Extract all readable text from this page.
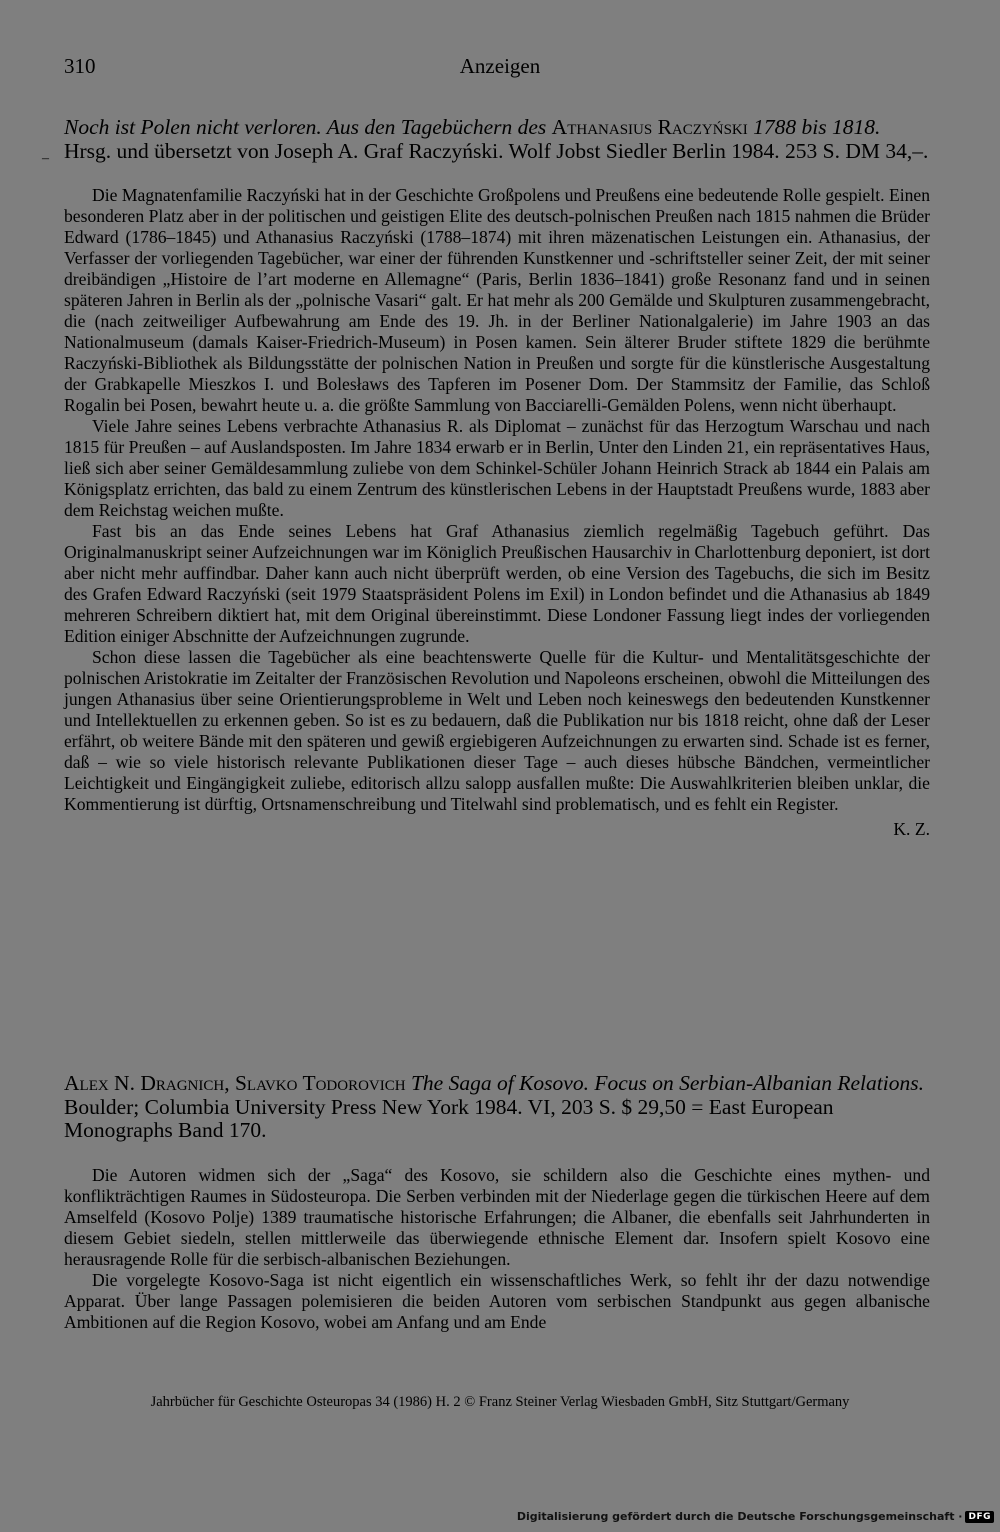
310	Anzeigen
–

Noch ist Polen nicht verloren. Aus den Tagebüchern des Athanasius Raczyński 1788 bis 1818. Hrsg. und übersetzt von Joseph A. Graf Raczyński. Wolf Jobst Siedler Berlin 1984. 253 S. DM 34,–.

Die Magnatenfamilie Raczyński hat in der Geschichte Großpolens und Preußens eine bedeutende Rolle gespielt. Einen besonderen Platz aber in der politischen und geistigen Elite des deutsch-polnischen Preußen nach 1815 nahmen die Brüder Edward (1786–1845) und Athanasius Raczyński (1788–1874) mit ihren mäzenatischen Leistungen ein. Athanasius, der Verfasser der vorliegenden Tagebücher, war einer der führenden Kunstkenner und -schriftsteller seiner Zeit, der mit seiner dreibändigen „Histoire de l’art moderne en Allemagne“ (Paris, Berlin 1836–1841) große Resonanz fand und in seinen späteren Jahren in Berlin als der „polnische Vasari“ galt. Er hat mehr als 200 Gemälde und Skulpturen zusammengebracht, die (nach zeitweiliger Aufbewahrung am Ende des 19. Jh. in der Berliner Nationalgalerie) im Jahre 1903 an das Nationalmuseum (damals Kaiser-Friedrich-Museum) in Posen kamen. Sein älterer Bruder stiftete 1829 die berühmte Raczyński-Bibliothek als Bildungsstätte der polnischen Nation in Preußen und sorgte für die künstlerische Ausgestaltung der Grabkapelle Mieszkos I. und Bolesławs des Tapferen im Posener Dom. Der Stammsitz der Familie, das Schloß Rogalin bei Posen, bewahrt heute u. a. die größte Sammlung von Bacciarelli-Gemälden Polens, wenn nicht überhaupt.

Viele Jahre seines Lebens verbrachte Athanasius R. als Diplomat – zunächst für das Herzogtum Warschau und nach 1815 für Preußen – auf Auslandsposten. Im Jahre 1834 erwarb er in Berlin, Unter den Linden 21, ein repräsentatives Haus, ließ sich aber seiner Gemäldesammlung zuliebe von dem Schinkel-Schüler Johann Heinrich Strack ab 1844 ein Palais am Königsplatz errichten, das bald zu einem Zentrum des künstlerischen Lebens in der Hauptstadt Preußens wurde, 1883 aber dem Reichstag weichen mußte.

Fast bis an das Ende seines Lebens hat Graf Athanasius ziemlich regelmäßig Tagebuch geführt. Das Originalmanuskript seiner Aufzeichnungen war im Königlich Preußischen Hausarchiv in Charlottenburg deponiert, ist dort aber nicht mehr auffindbar. Daher kann auch nicht überprüft werden, ob eine Version des Tagebuchs, die sich im Besitz des Grafen Edward Raczyński (seit 1979 Staatspräsident Polens im Exil) in London befindet und die Athanasius ab 1849 mehreren Schreibern diktiert hat, mit dem Original übereinstimmt. Diese Londoner Fassung liegt indes der vorliegenden Edition einiger Abschnitte der Aufzeichnungen zugrunde.

Schon diese lassen die Tagebücher als eine beachtenswerte Quelle für die Kultur- und Mentalitätsgeschichte der polnischen Aristokratie im Zeitalter der Französischen Revolution und Napoleons erscheinen, obwohl die Mitteilungen des jungen Athanasius über seine Orientierungsprobleme in Welt und Leben noch keineswegs den bedeutenden Kunstkenner und Intellektuellen zu erkennen geben. So ist es zu bedauern, daß die Publikation nur bis 1818 reicht, ohne daß der Leser erfährt, ob weitere Bände mit den späteren und gewiß ergiebigeren Aufzeichnungen zu erwarten sind. Schade ist es ferner, daß – wie so viele historisch relevante Publikationen dieser Tage – auch dieses hübsche Bändchen, vermeintlicher Leichtigkeit und Eingängigkeit zuliebe, editorisch allzu salopp ausfallen mußte: Die Auswahlkriterien bleiben unklar, die Kommentierung ist dürftig, Ortsnamenschreibung und Titelwahl sind problematisch, und es fehlt ein Register.

K. Z.

Alex N. Dragnich, Slavko Todorovich The Saga of Kosovo. Focus on Serbian-Albanian Relations. Boulder; Columbia University Press New York 1984. VI, 203 S. $ 29,50 = East European Monographs Band 170.

Die Autoren widmen sich der „Saga“ des Kosovo, sie schildern also die Geschichte eines mythen- und konflikträchtigen Raumes in Südosteuropa. Die Serben verbinden mit der Niederlage gegen die türkischen Heere auf dem Amselfeld (Kosovo Polje) 1389 traumatische historische Erfahrungen; die Albaner, die ebenfalls seit Jahrhunderten in diesem Gebiet siedeln, stellen mittlerweile das überwiegende ethnische Element dar. Insofern spielt Kosovo eine herausragende Rolle für die serbisch-albanischen Beziehungen.

Die vorgelegte Kosovo-Saga ist nicht eigentlich ein wissenschaftliches Werk, so fehlt ihr der dazu notwendige Apparat. Über lange Passagen polemisieren die beiden Autoren vom serbischen Standpunkt aus gegen albanische Ambitionen auf die Region Kosovo, wobei am Anfang und am Ende

Jahrbücher für Geschichte Osteuropas 34 (1986) H. 2 © Franz Steiner Verlag Wiesbaden GmbH, Sitz Stuttgart/Germany
Digitalisierung gefördert durch die Deutsche Forschungsgemeinschaft · DFG
